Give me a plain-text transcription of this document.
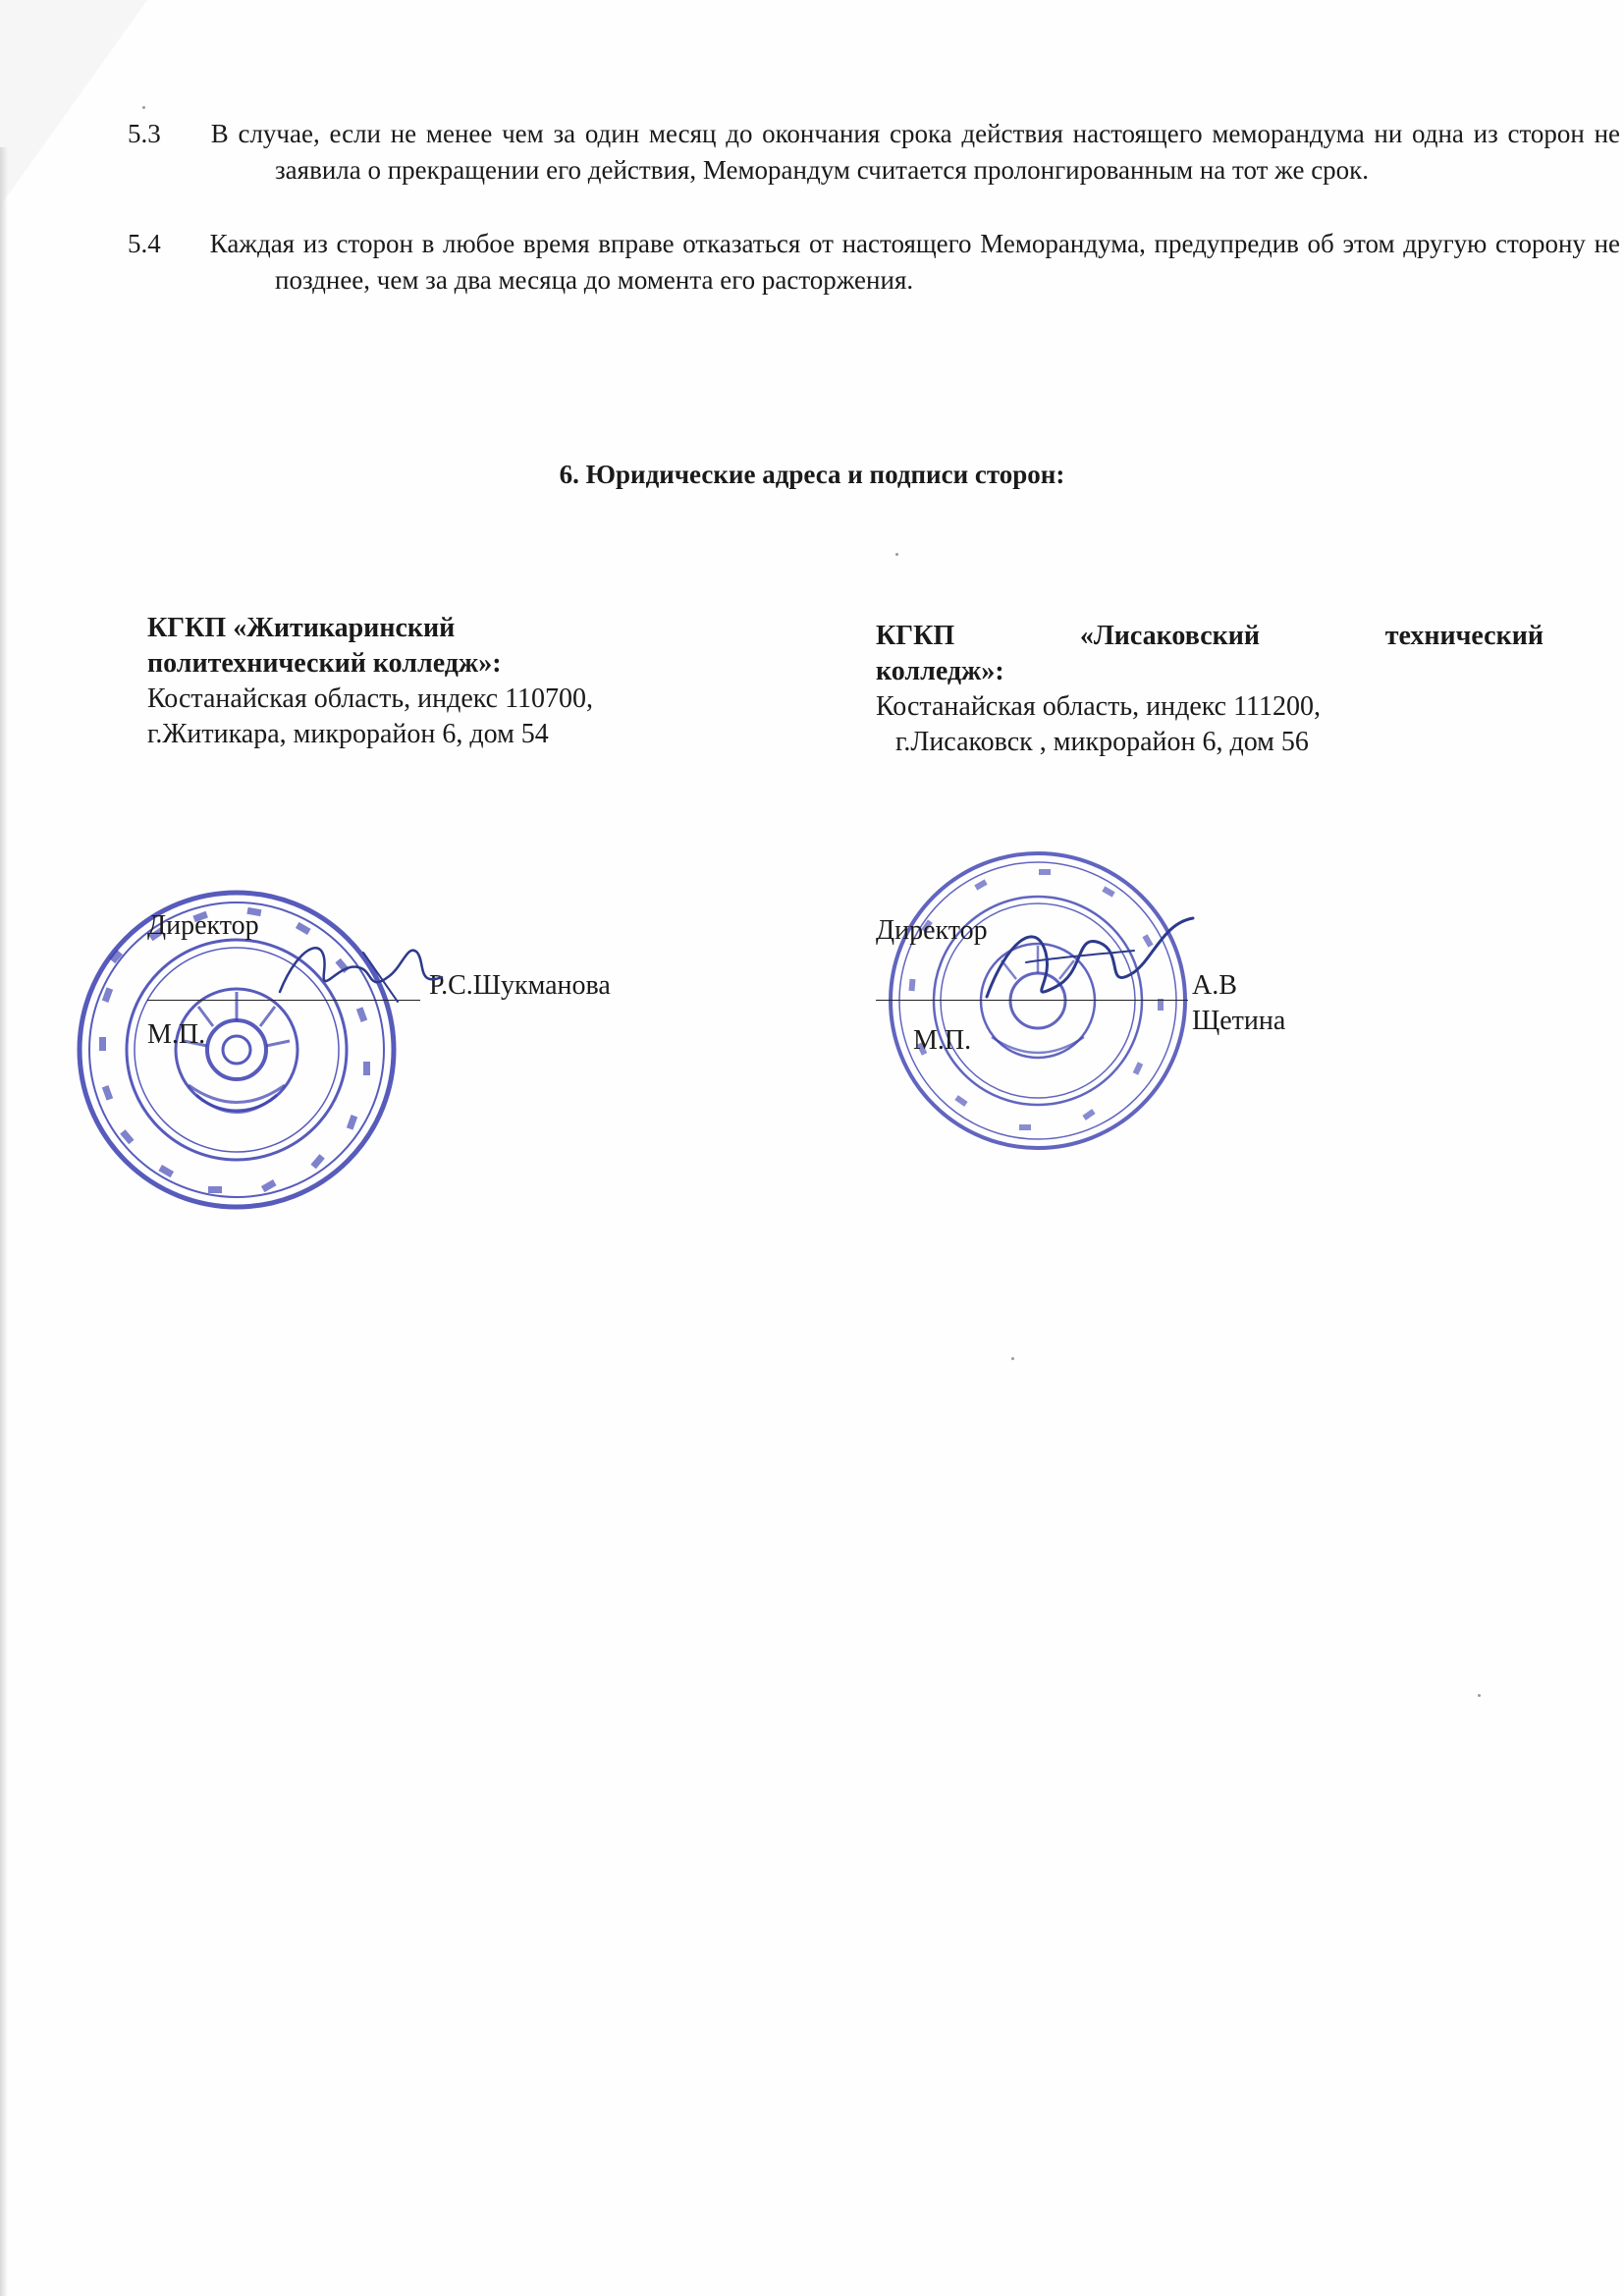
5.3 В случае, если не менее чем за один месяц до окончания срока действия настоящего меморандума ни одна из сторон не заявила о прекращении его действия, Меморандум считается пролонгированным на тот же срок.
5.4 Каждая из сторон в любое время вправе отказаться от настоящего Меморандума, предупредив об этом другую сторону не позднее, чем за два месяца до момента его расторжения.
6. Юридические адреса и подписи сторон:
КГКП «Житикаринский
политехнический колледж»:
Костанайская область, индекс 110700,
г.Житикара, микрорайон 6, дом 54
КГКП «Лисаковский технический
колледж»:
Костанайская область, индекс 111200,
г.Лисаковск , микрорайон 6, дом 56
Директор
Р.С.Шукманова
М.П.
Директор
А.В Щетина
М.П.
